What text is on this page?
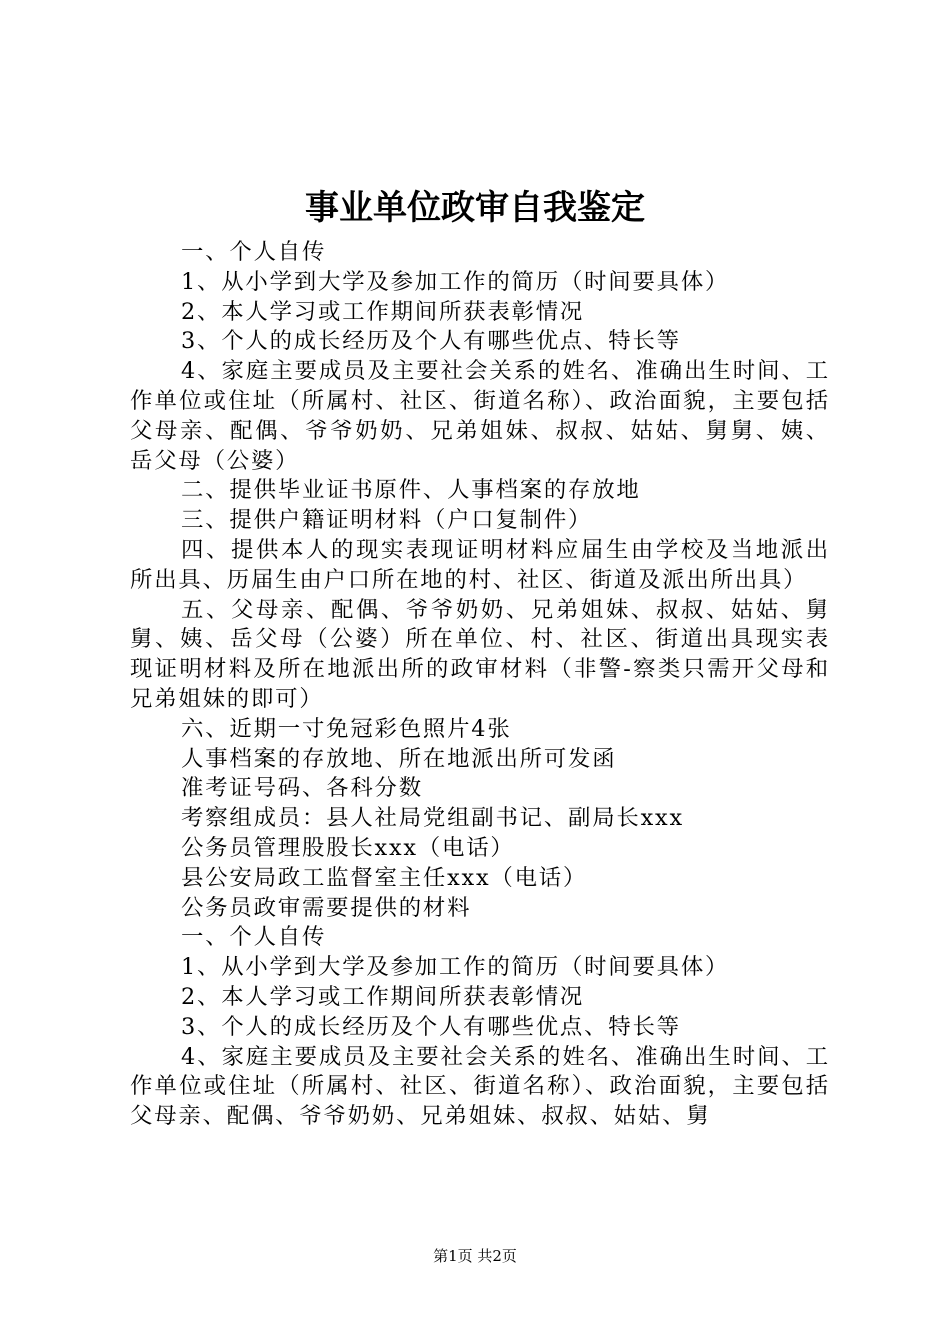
事业单位政审自我鉴定

一、个人自传

1、从小学到大学及参加工作的简历（时间要具体）

2、本人学习或工作期间所获表彰情况

3、个人的成长经历及个人有哪些优点、特长等

4、家庭主要成员及主要社会关系的姓名、准确出生时间、工作单位或住址（所属村、社区、街道名称）、政治面貌，主要包括父母亲、配偶、爷爷奶奶、兄弟姐妹、叔叔、姑姑、舅舅、姨、岳父母（公婆）

二、提供毕业证书原件、人事档案的存放地

三、提供户籍证明材料（户口复制件）

四、提供本人的现实表现证明材料应届生由学校及当地派出所出具、历届生由户口所在地的村、社区、街道及派出所出具）

五、父母亲、配偶、爷爷奶奶、兄弟姐妹、叔叔、姑姑、舅舅、姨、岳父母（公婆）所在单位、村、社区、街道出具现实表现证明材料及所在地派出所的政审材料（非警-察类只需开父母和兄弟姐妹的即可）

六、近期一寸免冠彩色照片4张

人事档案的存放地、所在地派出所可发函

准考证号码、各科分数

考察组成员：县人社局党组副书记、副局长xxx

公务员管理股股长xxx（电话）

县公安局政工监督室主任xxx（电话）

公务员政审需要提供的材料

一、个人自传

1、从小学到大学及参加工作的简历（时间要具体）

2、本人学习或工作期间所获表彰情况

3、个人的成长经历及个人有哪些优点、特长等

4、家庭主要成员及主要社会关系的姓名、准确出生时间、工作单位或住址（所属村、社区、街道名称）、政治面貌，主要包括父母亲、配偶、爷爷奶奶、兄弟姐妹、叔叔、姑姑、舅

第1页 共2页
